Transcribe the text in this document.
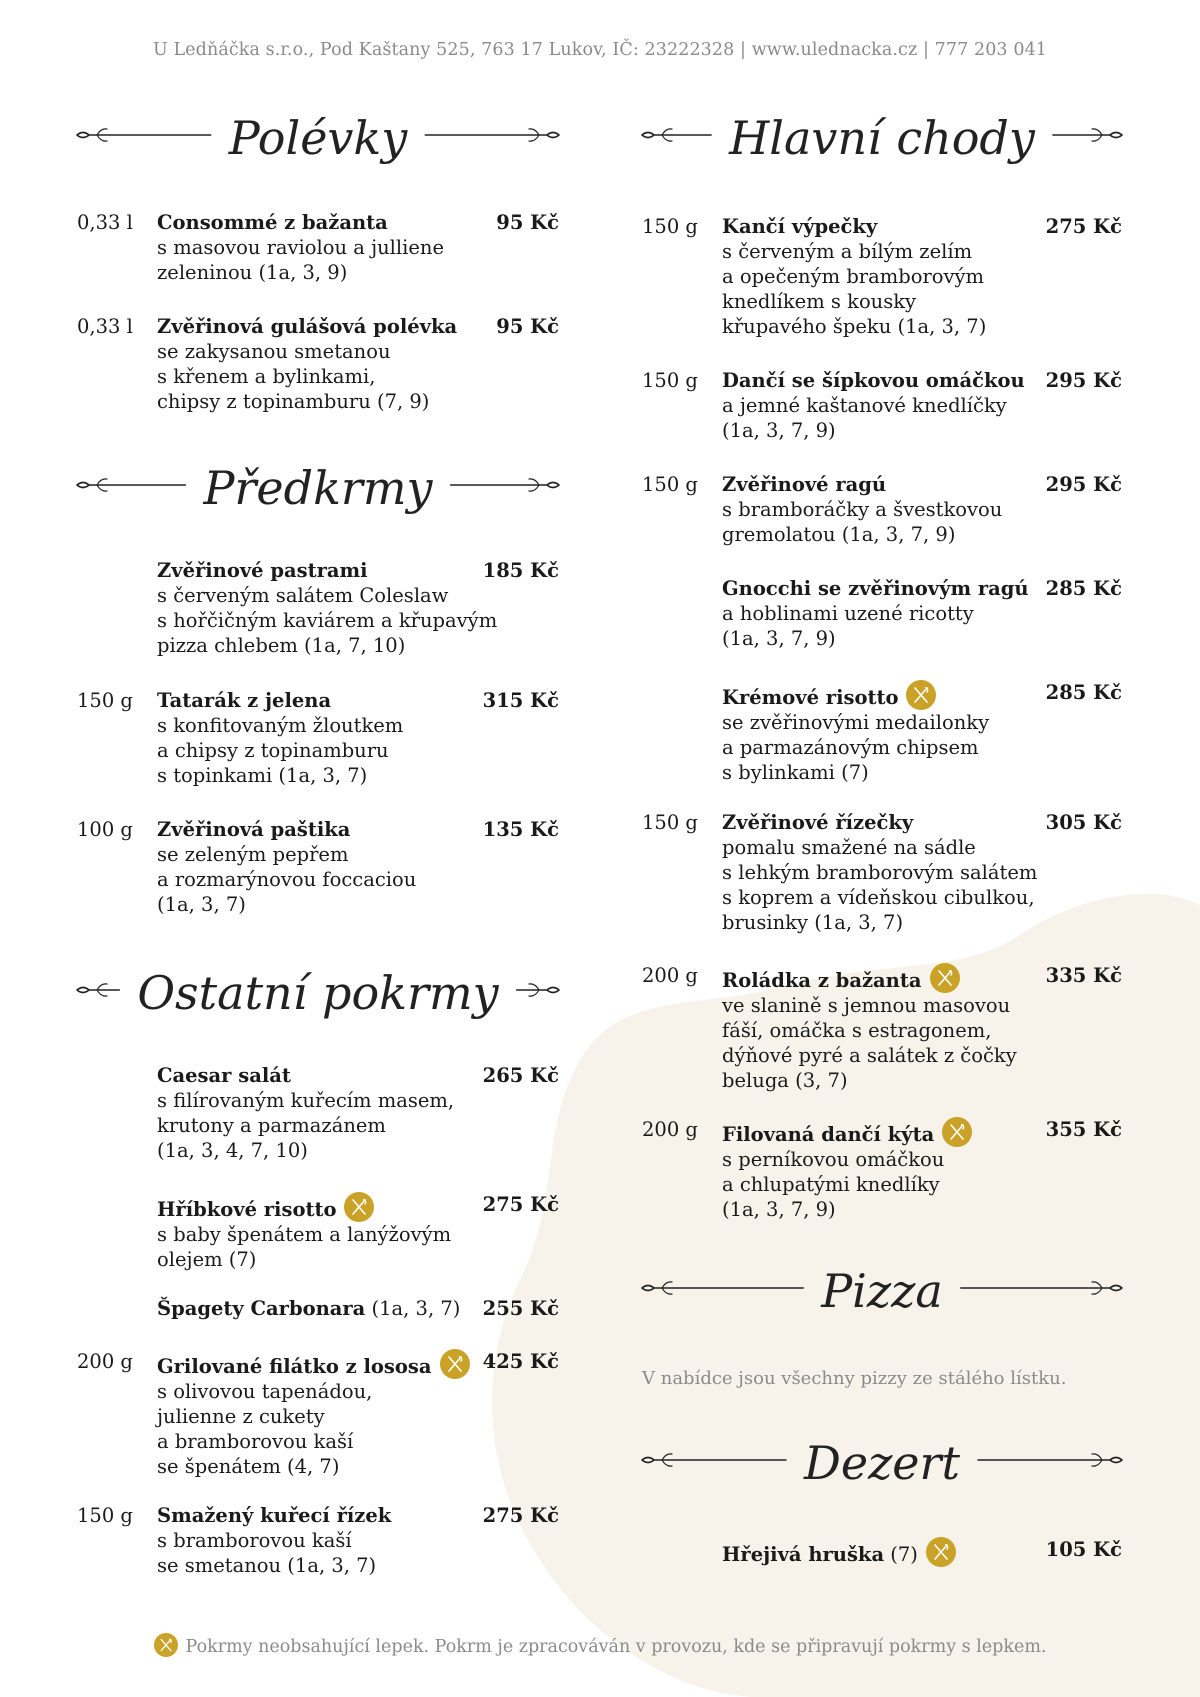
U Ledňáčka s.r.o., Pod Kaštany 525, 763 17 Lukov, IČ: 23222328 | www.ulednacka.cz | 777 203 041
Polévky
0,33 l	Consommé z bažanta
s masovou raviolou a julliene
zeleninou (1a, 3, 9)
95 Kč
0,33 l	Zvěřinová gulášová polévka
se zakysanou smetanou
s křenem a bylinkami,
chipsy z topinamburu (7, 9)
95 Kč
Předkrmy
Zvěřinové pastrami
s červeným salátem Coleslaw
s hořčičným kaviárem a křupavým
pizza chlebem (1a, 7, 10)
185 Kč
150 g	Tatarák z jelena
s konfitovaným žloutkem
a chipsy z topinamburu
s topinkami (1a, 3, 7)
315 Kč
100 g	Zvěřinová paštika
se zeleným pepřem
a rozmarýnovou foccaciou
(1a, 3, 7)
135 Kč
Ostatní pokrmy
Caesar salát
s filírovaným kuřecím masem,
krutony a parmazánem
(1a, 3, 4, 7, 10)
265 Kč
Hříbkové risotto
s baby špenátem a lanýžovým
olejem (7)
275 Kč
Špagety Carbonara (1a, 3, 7) 255 Kč
200 g	Grilované filátko z lososa
s olivovou tapenádou,
julienne z cukety
a bramborovou kaší
se špenátem (4, 7)
425 Kč
150 g	Smažený kuřecí řízek
s bramborovou kaší
se smetanou (1a, 3, 7)
275 Kč
Hlavní chody
150 g	Kančí výpečky
s červeným a bílým zelím
a opečeným bramborovým
knedlíkem s kousky
křupavého špeku (1a, 3, 7)
275 Kč
150 g	Dančí se šípkovou omáčkou
a jemné kaštanové knedlíčky
(1a, 3, 7, 9)
295 Kč
150 g	Zvěřinové ragú
s bramboráčky a švestkovou
gremolatou (1a, 3, 7, 9)
295 Kč
Gnocchi se zvěřinovým ragú
a hoblinami uzené ricotty
(1a, 3, 7, 9)
285 Kč
Krémové risotto
se zvěřinovými medailonky
a parmazánovým chipsem
s bylinkami (7)
285 Kč
150 g	Zvěřinové řízečky
pomalu smažené na sádle
s lehkým bramborovým salátem
s koprem a vídeňskou cibulkou,
brusinky (1a, 3, 7)
305 Kč
200 g	Roládka z bažanta
ve slanině s jemnou masovou
fáší, omáčka s estragonem,
dýňové pyré a salátek z čočky
beluga (3, 7)
335 Kč
200 g	Filovaná dančí kýta
s perníkovou omáčkou
a chlupatými knedlíky
(1a, 3, 7, 9)
355 Kč
Pizza
V nabídce jsou všechny pizzy ze stálého lístku.
Dezert
Hřejivá hruška (7)	105 Kč
Pokrmy neobsahující lepek. Pokrm je zpracováván v provozu, kde se připravují pokrmy s lepkem.
